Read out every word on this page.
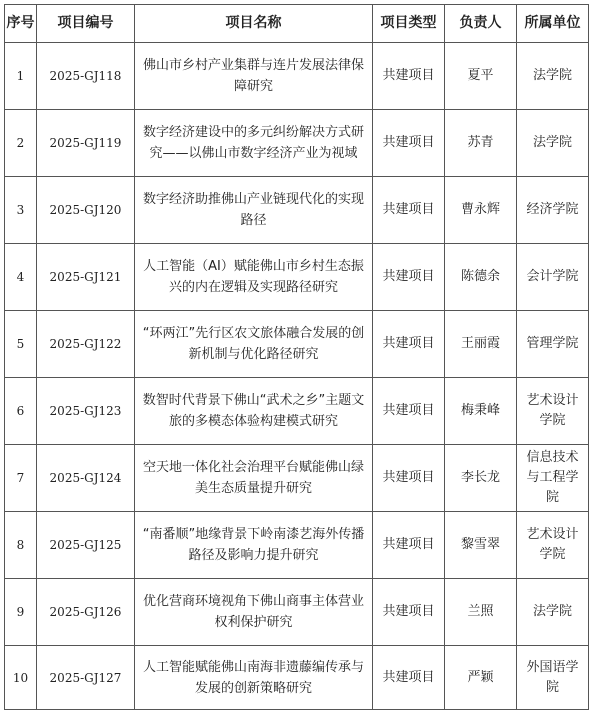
序号	项目编号	项目名称	项目类型	负责人	所属单位
1	2025-GJ118	佛山市乡村产业集群与连片发展法律保障研究	共建项目	夏平	法学院
2	2025-GJ119	数字经济建设中的多元纠纷解决方式研究——以佛山市数字经济产业为视域	共建项目	苏青	法学院
3	2025-GJ120	数字经济助推佛山产业链现代化的实现路径	共建项目	曹永辉	经济学院
4	2025-GJ121	人工智能（AI）赋能佛山市乡村生态振兴的内在逻辑及实现路径研究	共建项目	陈德余	会计学院
5	2025-GJ122	“环两江”先行区农文旅体融合发展的创新机制与优化路径研究	共建项目	王丽霞	管理学院
6	2025-GJ123	数智时代背景下佛山“武术之乡”主题文旅的多模态体验构建模式研究	共建项目	梅秉峰	艺术设计学院
7	2025-GJ124	空天地一体化社会治理平台赋能佛山绿美生态质量提升研究	共建项目	李长龙	信息技术与工程学院
8	2025-GJ125	“南番顺”地缘背景下岭南漆艺海外传播路径及影响力提升研究	共建项目	黎雪翠	艺术设计学院
9	2025-GJ126	优化营商环境视角下佛山商事主体营业权利保护研究	共建项目	兰照	法学院
10	2025-GJ127	人工智能赋能佛山南海非遗藤编传承与发展的创新策略研究	共建项目	严颖	外国语学院
